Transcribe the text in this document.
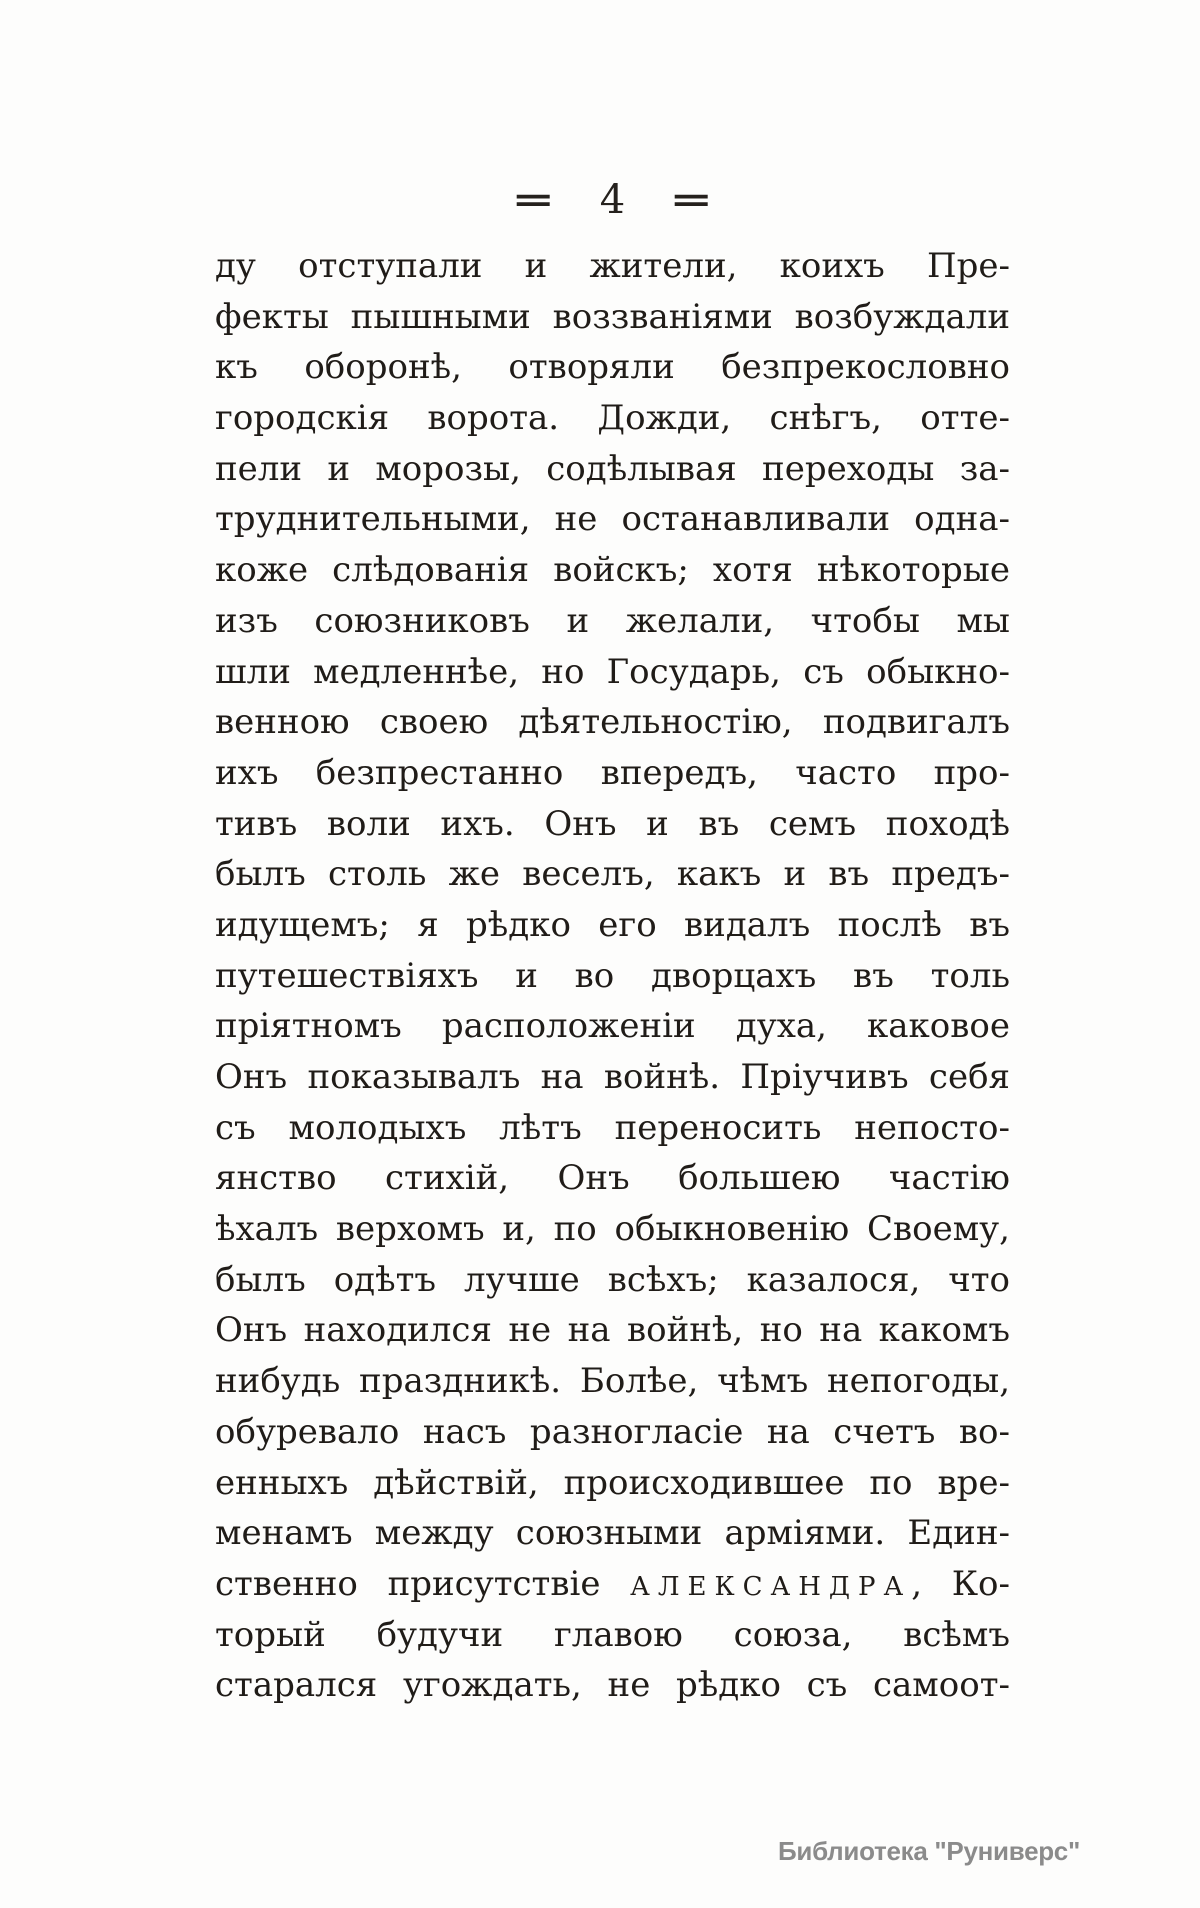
= 4 =
ду отступали и жители, коихъ Пре-
фекты пышными воззваніями возбуждали
къ оборонѣ, отворяли безпрекословно
городскія ворота. Дожди, снѣгъ, отте-
пели и морозы, содѣлывая переходы за-
труднительными, не останавливали одна-
коже слѣдованія войскъ; хотя нѣкоторые
изъ союзниковъ и желали, чтобы мы
шли медленнѣе, но Государь, съ обыкно-
венною своею дѣятельностію, подвигалъ
ихъ безпрестанно впередъ, часто про-
тивъ воли ихъ. Онъ и въ семъ походѣ
былъ столь же веселъ, какъ и въ предъ-
идущемъ; я рѣдко его видалъ послѣ въ
путешествіяхъ и во дворцахъ въ толь
пріятномъ расположеніи духа, каковое
Онъ показывалъ на войнѣ. Пріучивъ себя
съ молодыхъ лѣтъ переносить непосто-
янство стихій, Онъ большею частію
ѣхалъ верхомъ и, по обыкновенію Своему,
былъ одѣтъ лучше всѣхъ; казалося, что
Онъ находился не на войнѣ, но на какомъ
нибудь праздникѣ. Болѣе, чѣмъ непогоды,
обуревало насъ разногласіе на счетъ во-
енныхъ дѣйствій, происходившее по вре-
менамъ между союзными арміями. Един-
ственно присутствіе АЛЕКСАНДРА, Ко-
торый будучи главою союза, всѣмъ
старался угождать, не рѣдко съ самоот-
Библиотека "Руниверс"
